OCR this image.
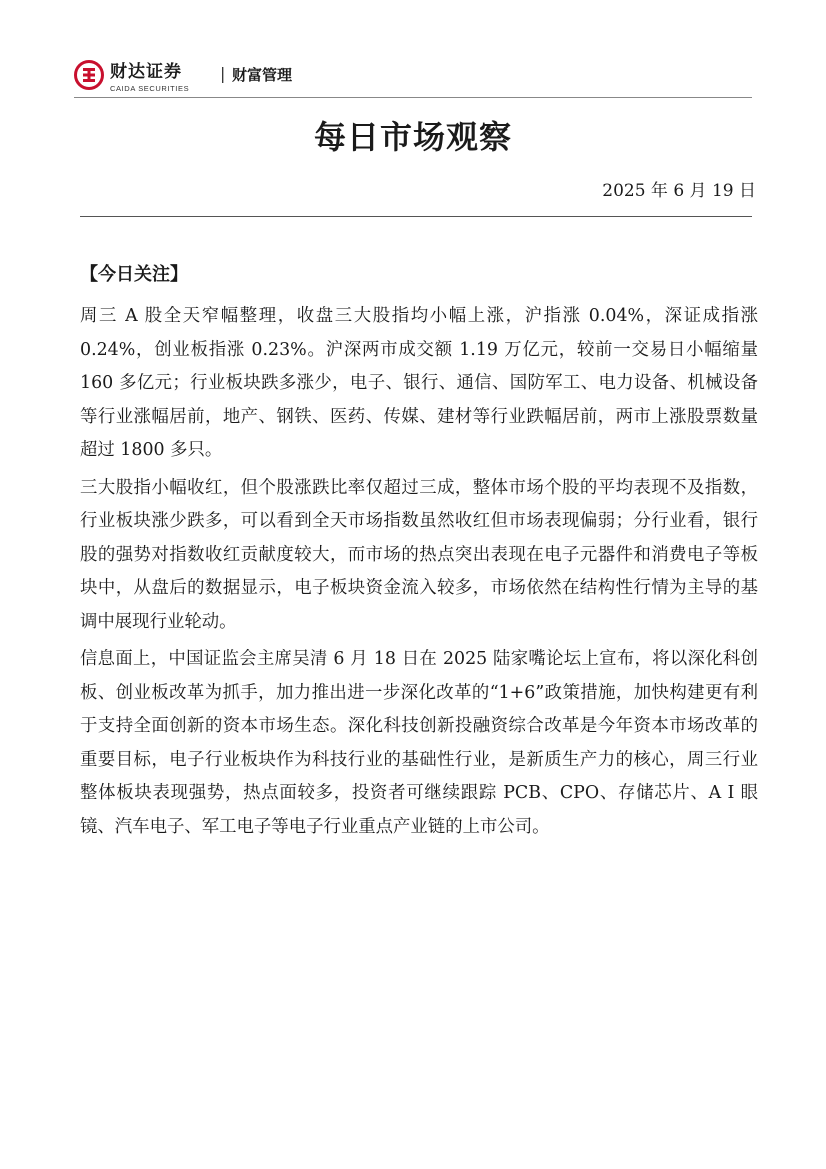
财达证券
CAIDA SECURITIES
| 财富管理
每日市场观察
2025 年 6 月 19 日
【今日关注】

周三 A 股全天窄幅整理，收盘三大股指均小幅上涨，沪指涨 0.04%，深证成指涨 0.24%，创业板指涨 0.23%。沪深两市成交额 1.19 万亿元，较前一交易日小幅缩量 160 多亿元；行业板块跌多涨少，电子、银行、通信、国防军工、电力设备、机械设备等行业涨幅居前，地产、钢铁、医药、传媒、建材等行业跌幅居前，两市上涨股票数量超过 1800 多只。

三大股指小幅收红，但个股涨跌比率仅超过三成，整体市场个股的平均表现不及指数，行业板块涨少跌多，可以看到全天市场指数虽然收红但市场表现偏弱；分行业看，银行股的强势对指数收红贡献度较大，而市场的热点突出表现在电子元器件和消费电子等板块中，从盘后的数据显示，电子板块资金流入较多，市场依然在结构性行情为主导的基调中展现行业轮动。

信息面上，中国证监会主席吴清 6 月 18 日在 2025 陆家嘴论坛上宣布，将以深化科创板、创业板改革为抓手，加力推出进一步深化改革的“1+6”政策措施，加快构建更有利于支持全面创新的资本市场生态。深化科技创新投融资综合改革是今年资本市场改革的重要目标，电子行业板块作为科技行业的基础性行业，是新质生产力的核心，周三行业整体板块表现强势，热点面较多，投资者可继续跟踪 PCB、CPO、存储芯片、A I 眼镜、汽车电子、军工电子等电子行业重点产业链的上市公司。
